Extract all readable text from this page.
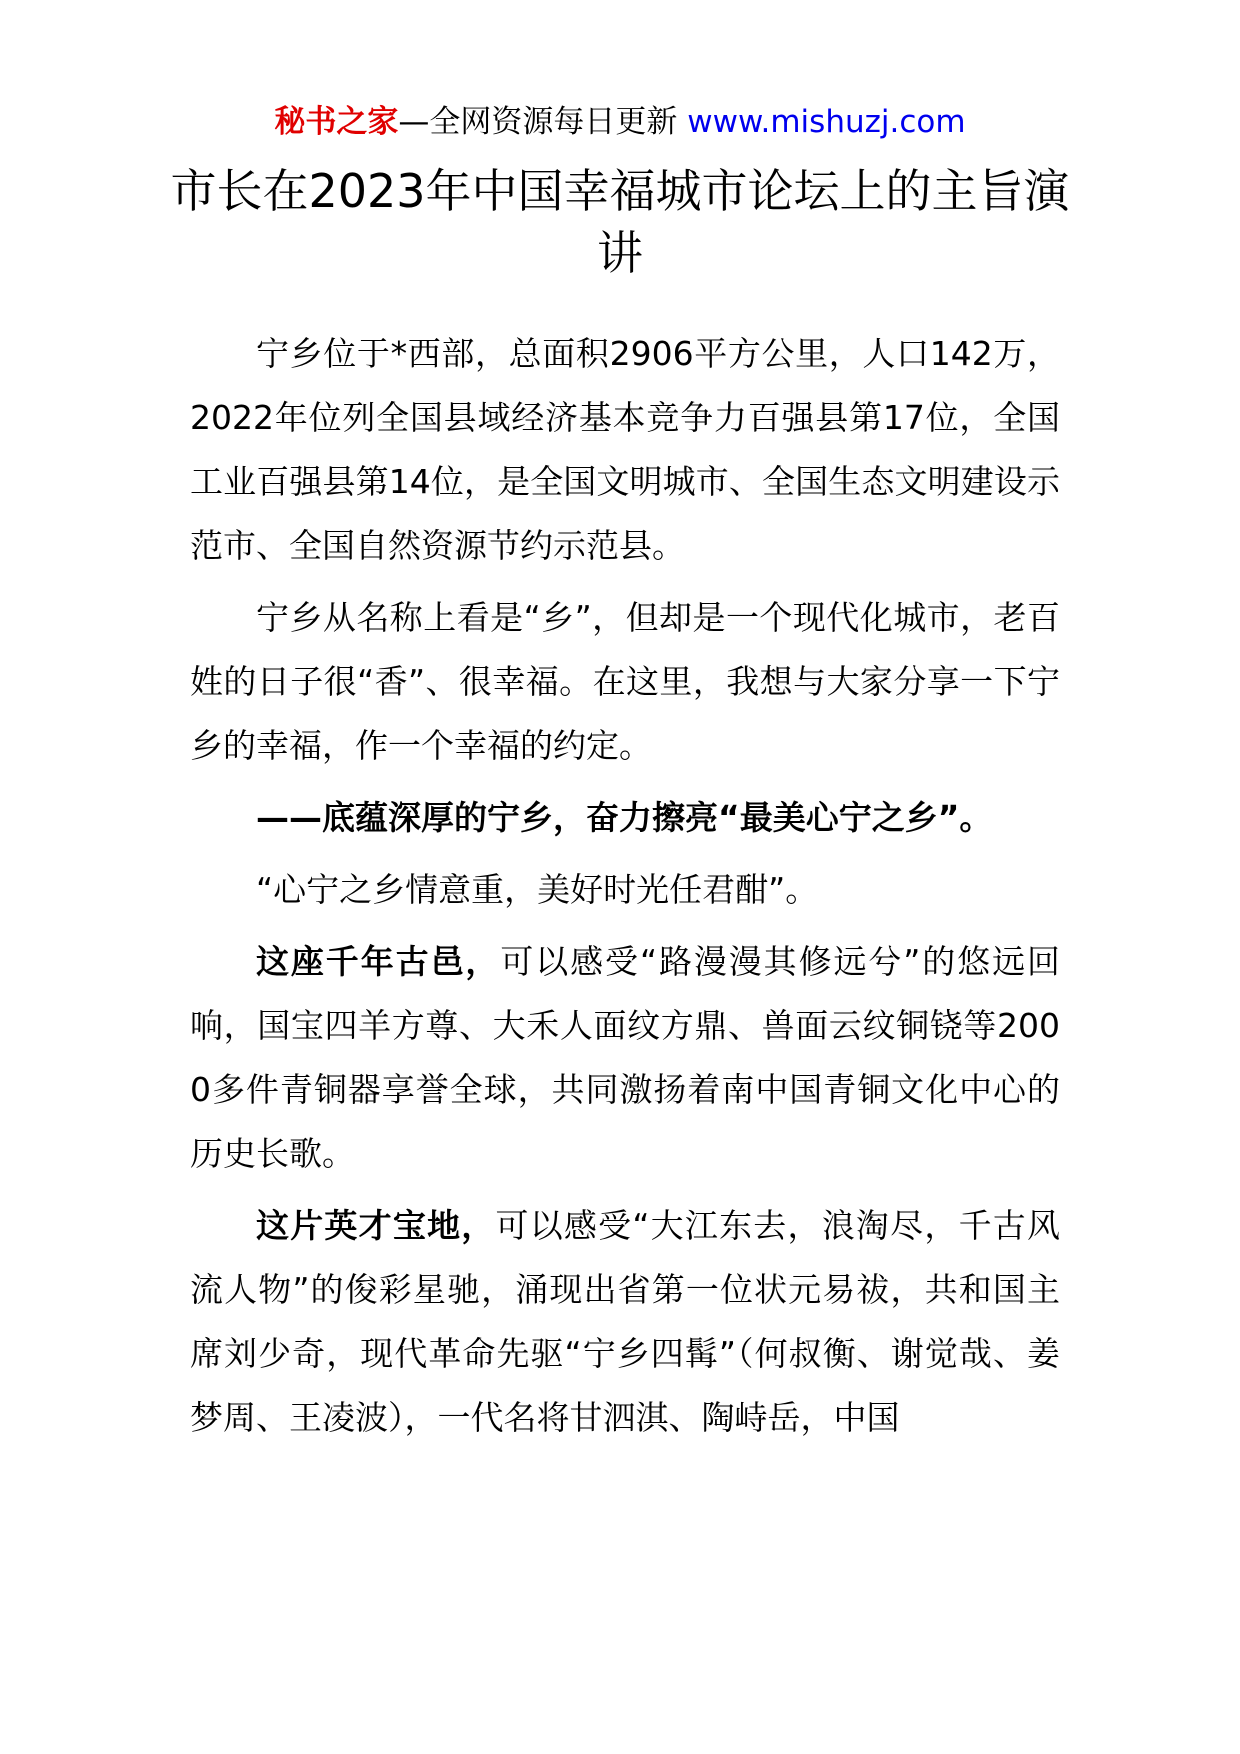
秘书之家—全网资源每日更新 www.mishuzj.com
市长在2023年中国幸福城市论坛上的主旨演讲

宁乡位于*西部，总面积2906平方公里，人口142万，2022年位列全国县域经济基本竞争力百强县第17位，全国工业百强县第14位，是全国文明城市、全国生态文明建设示范市、全国自然资源节约示范县。

宁乡从名称上看是“乡”，但却是一个现代化城市，老百姓的日子很“香”、很幸福。在这里，我想与大家分享一下宁乡的幸福，作一个幸福的约定。

——底蕴深厚的宁乡，奋力擦亮“最美心宁之乡”。

“心宁之乡情意重，美好时光任君酣”。

这座千年古邑，可以感受“路漫漫其修远兮”的悠远回响，国宝四羊方尊、大禾人面纹方鼎、兽面云纹铜铙等2000多件青铜器享誉全球，共同激扬着南中国青铜文化中心的历史长歌。

这片英才宝地，可以感受“大江东去，浪淘尽，千古风流人物”的俊彩星驰，涌现出省第一位状元易祓，共和国主席刘少奇，现代革命先驱“宁乡四髯”（何叔衡、谢觉哉、姜梦周、王凌波），一代名将甘泗淇、陶峙岳，中国
